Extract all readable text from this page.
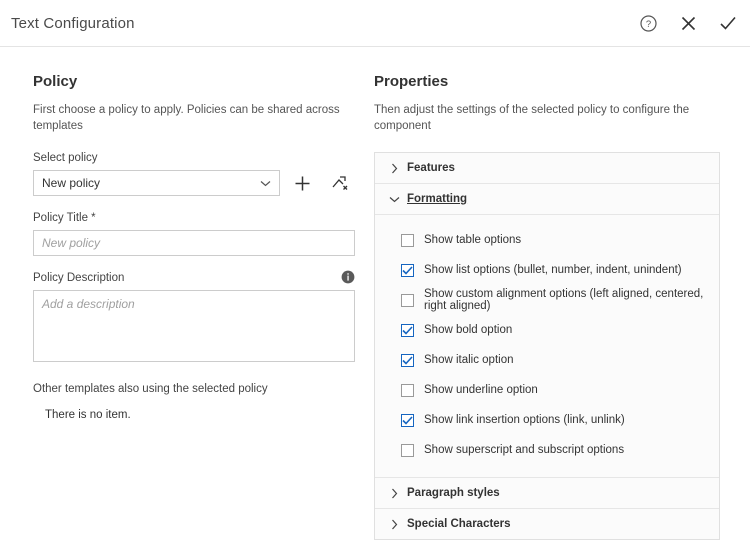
Text Configuration	?
Policy
First choose a policy to apply. Policies can be shared across templates
Select policy
New policy
Policy Title *
New policy
Policy Description
Add a description
Other templates also using the selected policy
There is no item.
Properties
Then adjust the settings of the selected policy to configure the component
Features
Formatting
Show table options
Show list options (bullet, number, indent, unindent)
Show custom alignment options (left aligned, centered, right aligned)
Show bold option
Show italic option
Show underline option
Show link insertion options (link, unlink)
Show superscript and subscript options
Paragraph styles
Special Characters
